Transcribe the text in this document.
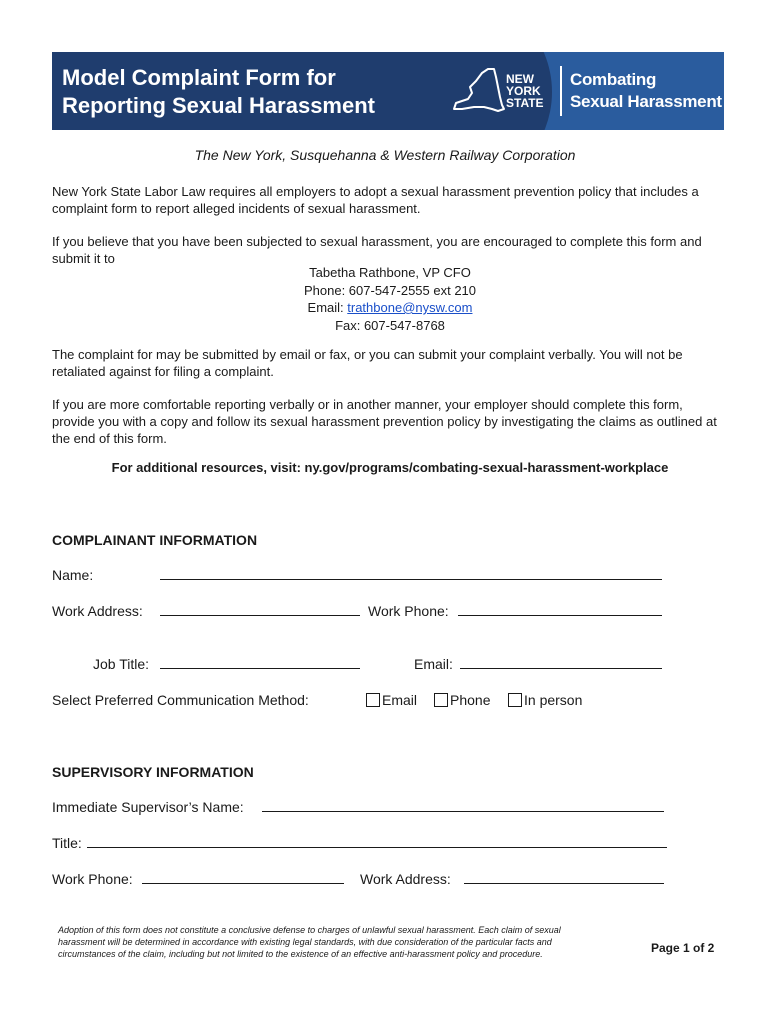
Model Complaint Form for
Reporting Sexual Harassment
NEW
YORK
STATE
Combating
Sexual Harassment
The New York, Susquehanna & Western Railway Corporation
New York State Labor Law requires all employers to adopt a sexual harassment prevention policy that includes a complaint form to report alleged incidents of sexual harassment.
If you believe that you have been subjected to sexual harassment, you are encouraged to complete this form and submit it to
Tabetha Rathbone, VP CFO
Phone: 607-547-2555 ext 210
Email: trathbone@nysw.com
Fax: 607-547-8768
The complaint for may be submitted by email or fax, or you can submit your complaint verbally. You will not be retaliated against for filing a complaint.
If you are more comfortable reporting verbally or in another manner, your employer should complete this form, provide you with a copy and follow its sexual harassment prevention policy by investigating the claims as outlined at the end of this form.
For additional resources, visit: ny.gov/programs/combating-sexual-harassment-workplace
COMPLAINANT INFORMATION
Name:
Work Address:	Work Phone:
Job Title:	Email:
Select Preferred Communication Method:	Email	Phone	In person
SUPERVISORY INFORMATION
Immediate Supervisor’s Name:
Title:
Work Phone:	Work Address:
Adoption of this form does not constitute a conclusive defense to charges of unlawful sexual harassment. Each claim of sexual harassment will be determined in accordance with existing legal standards, with due consideration of the particular facts and circumstances of the claim, including but not limited to the existence of an effective anti-harassment policy and procedure.	Page 1 of 2
